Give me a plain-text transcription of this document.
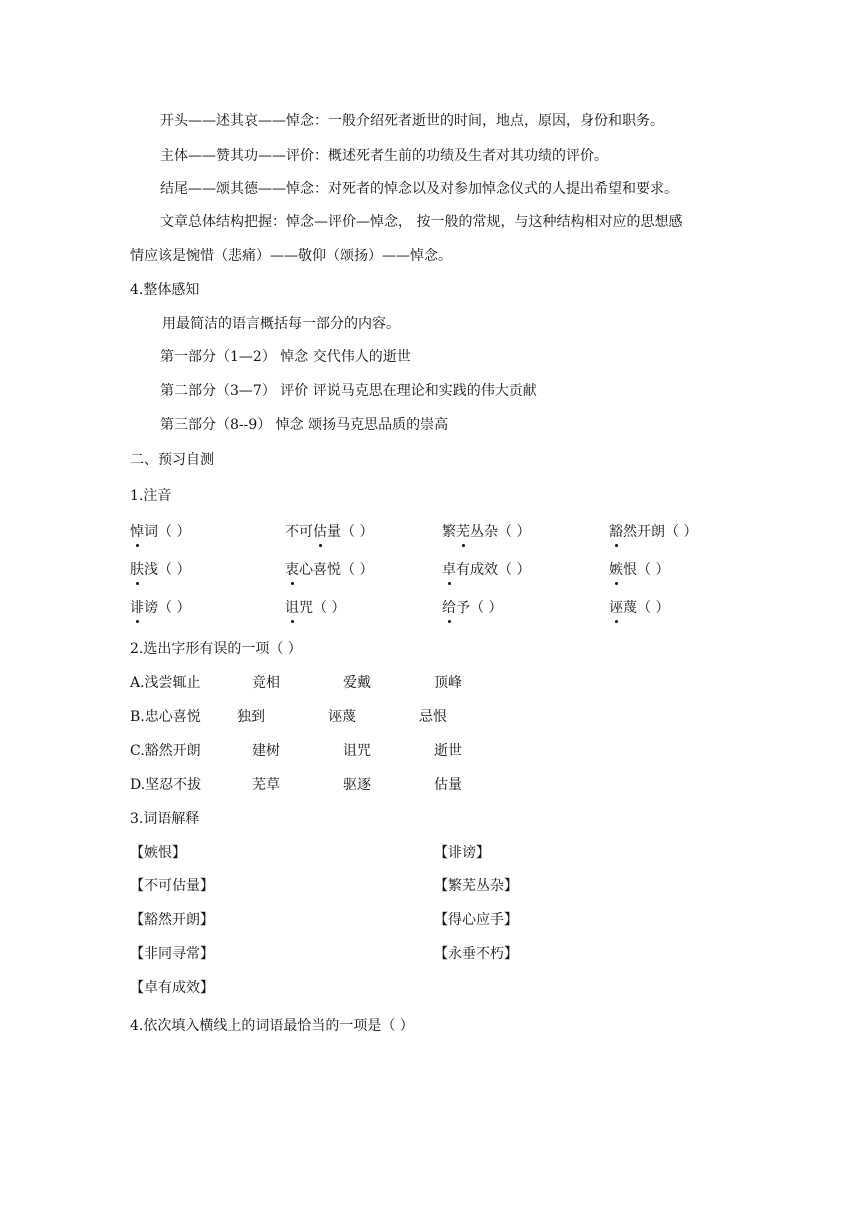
开头——述其哀——悼念：一般介绍死者逝世的时间，地点，原因，身份和职务。
主体——赞其功——评价：概述死者生前的功绩及生者对其功绩的评价。
结尾——颂其德——悼念：对死者的悼念以及对参加悼念仪式的人提出希望和要求。
文章总体结构把握：悼念—评价—悼念， 按一般的常规，与这种结构相对应的思想感
情应该是惋惜（悲痛）——敬仰（颂扬）——悼念。
4.整体感知
用最简洁的语言概括每一部分的内容。
第一部分（1—2） 悼念 交代伟人的逝世
第二部分（3—7） 评价 评说马克思在理论和实践的伟大贡献
第三部分（8--9） 悼念 颂扬马克思品质的崇高
二、预习自测
1.注音
悼词（ ）	不可估量（ ）	繁芜丛杂（ ）	豁然开朗（ ）
肤浅（ ）	衷心喜悦（ ）	卓有成效（ ）	嫉恨（ ）
诽谤（ ）	诅咒（ ）	给予（ ）	诬蔑（ ）
2.选出字形有误的一项（ ）
A.浅尝辄止	竞相	爱戴	顶峰
B.忠心喜悦	独到	诬蔑	忌恨
C.豁然开朗	建树	诅咒	逝世
D.坚忍不拔	芜草	驱逐	估量
3.词语解释
【嫉恨】	【诽谤】
【不可估量】	【繁芜丛杂】
【豁然开朗】	【得心应手】
【非同寻常】	【永垂不朽】
【卓有成效】
4.依次填入横线上的词语最恰当的一项是（ ）
